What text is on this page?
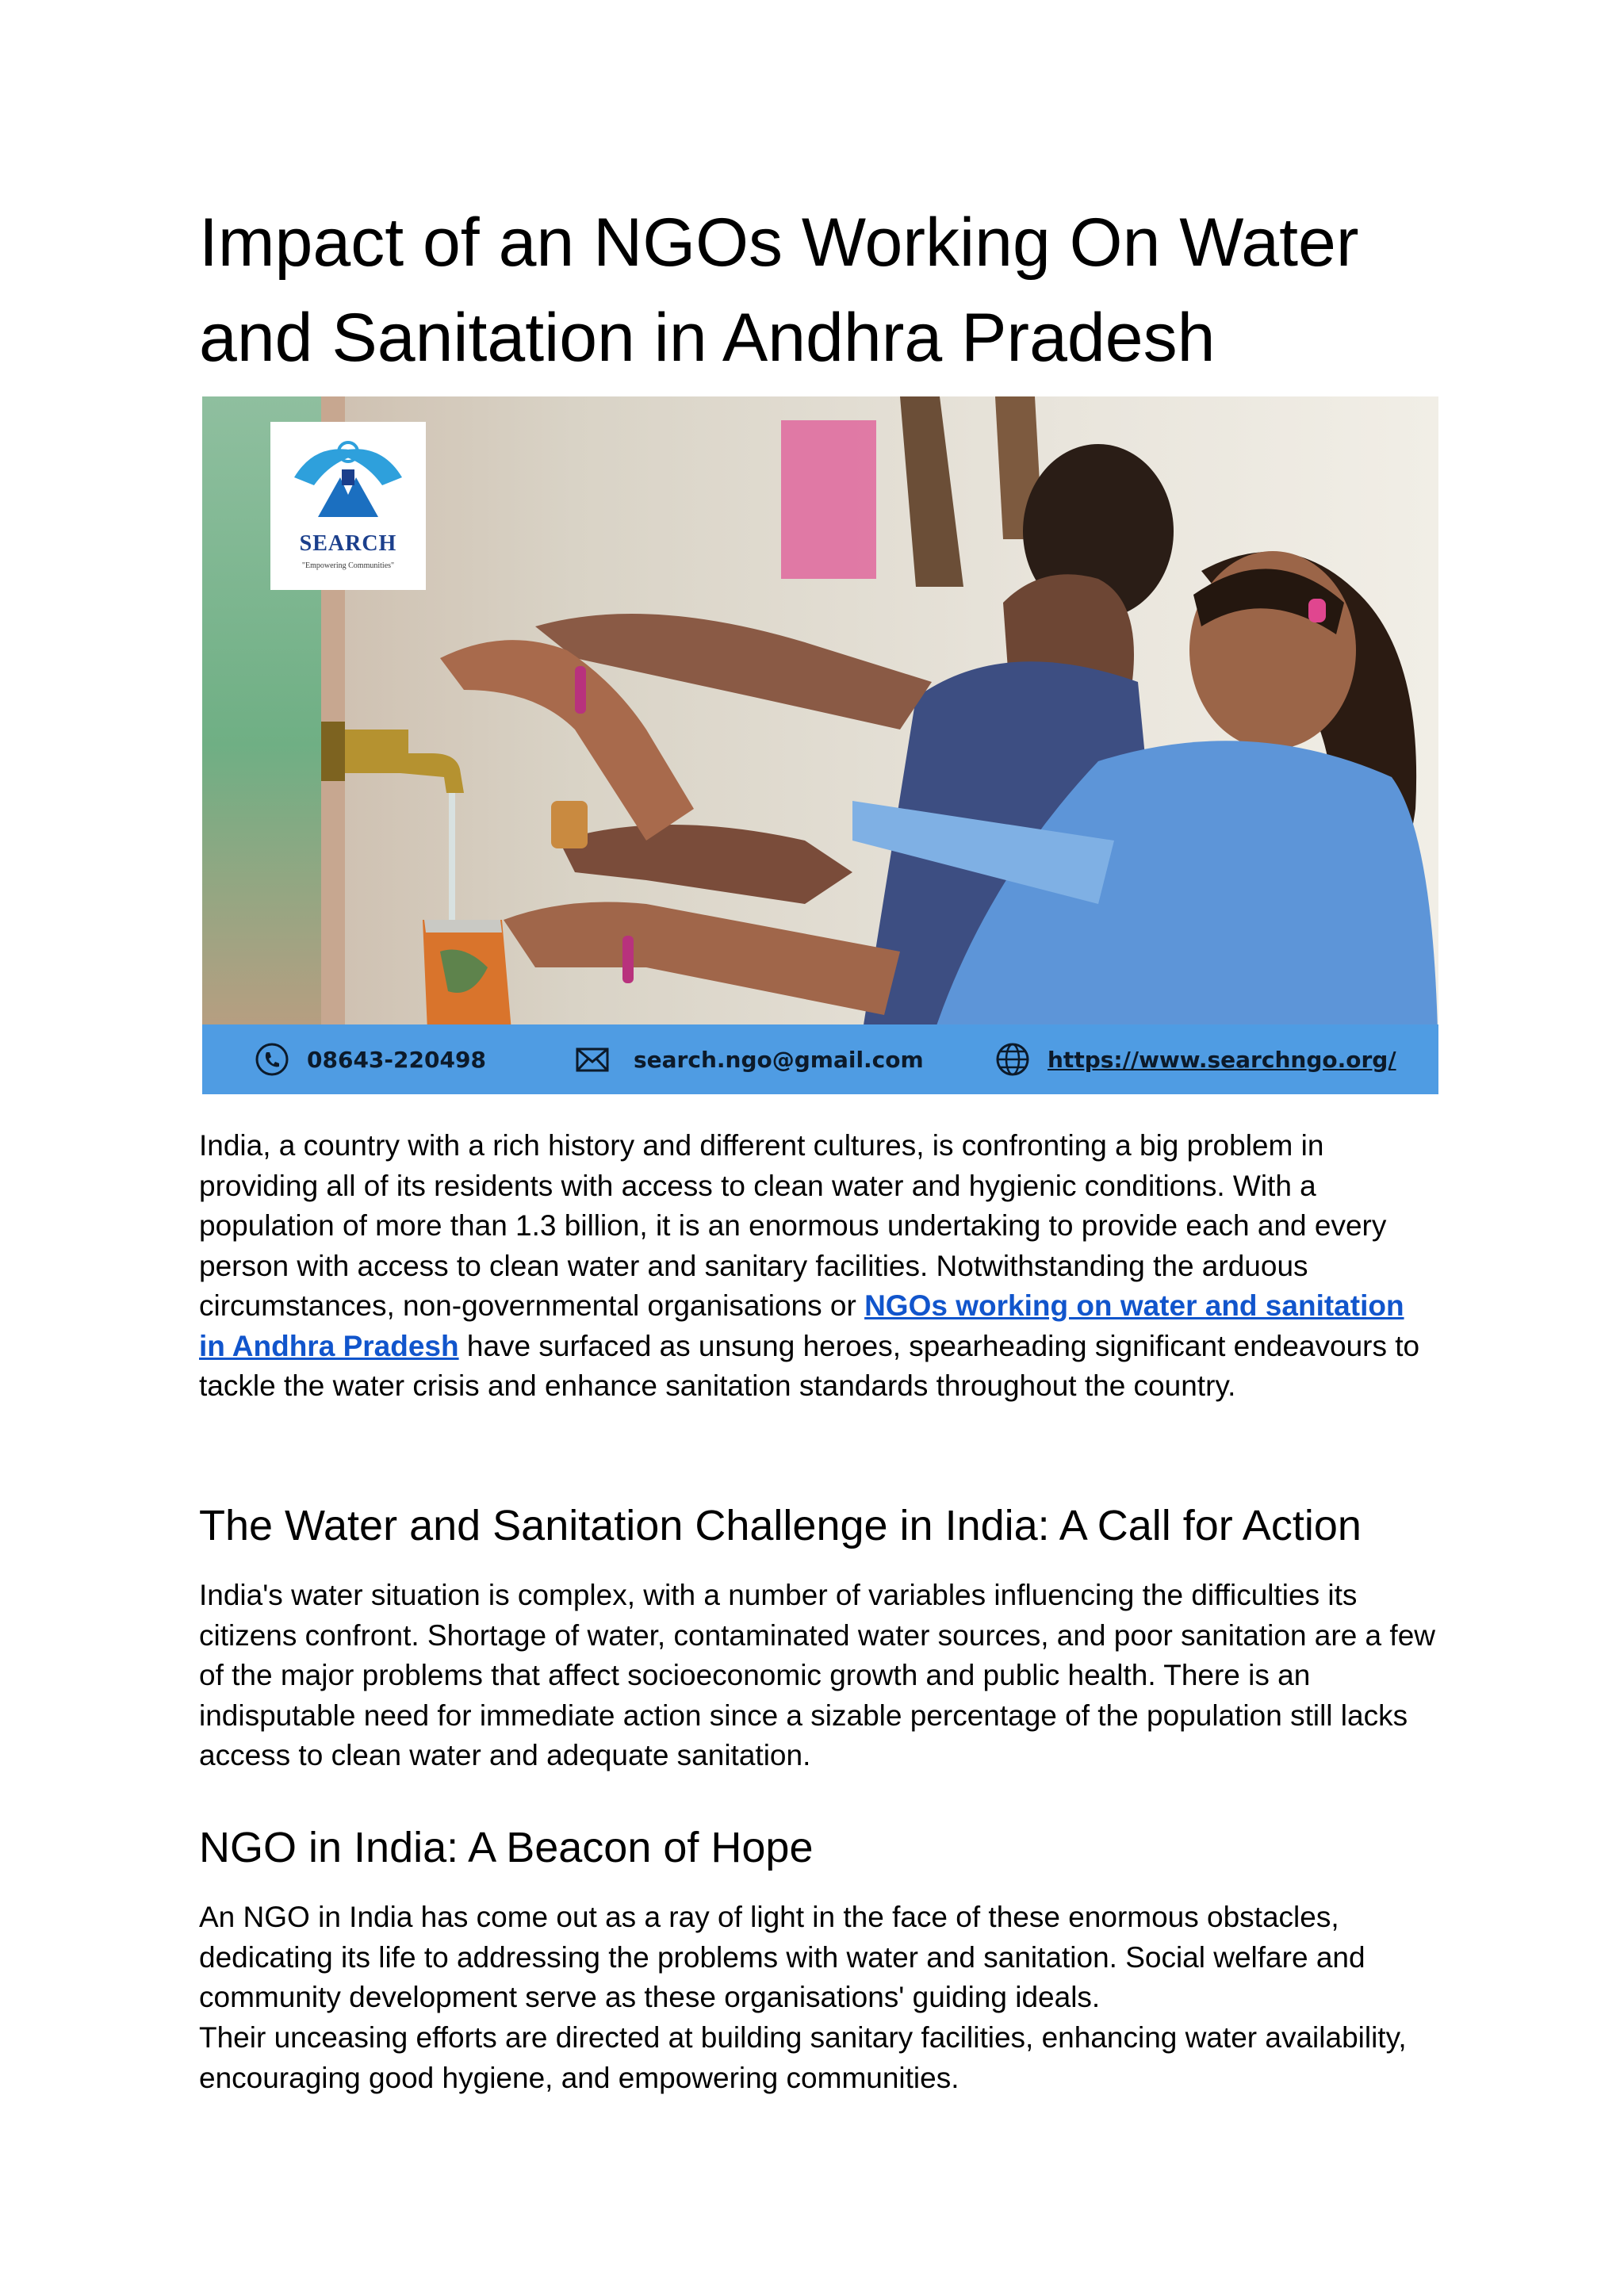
Impact of an NGOs Working On Water and Sanitation in Andhra Pradesh
SEARCH
"Empowering Communities"
08643-220498	search.ngo@gmail.com	https://www.searchngo.org/

India, a country with a rich history and different cultures, is confronting a big problem in providing all of its residents with access to clean water and hygienic conditions. With a population of more than 1.3 billion, it is an enormous undertaking to provide each and every person with access to clean water and sanitary facilities. Notwithstanding the arduous circumstances, non-governmental organisations or NGOs working on water and sanitation in Andhra Pradesh have surfaced as unsung heroes, spearheading significant endeavours to tackle the water crisis and enhance sanitation standards throughout the country.

The Water and Sanitation Challenge in India: A Call for Action

India's water situation is complex, with a number of variables influencing the difficulties its citizens confront. Shortage of water, contaminated water sources, and poor sanitation are a few of the major problems that affect socioeconomic growth and public health. There is an indisputable need for immediate action since a sizable percentage of the population still lacks access to clean water and adequate sanitation.

NGO in India: A Beacon of Hope

An NGO in India has come out as a ray of light in the face of these enormous obstacles, dedicating its life to addressing the problems with water and sanitation. Social welfare and community development serve as these organisations' guiding ideals.

Their unceasing efforts are directed at building sanitary facilities, enhancing water availability, encouraging good hygiene, and empowering communities.
